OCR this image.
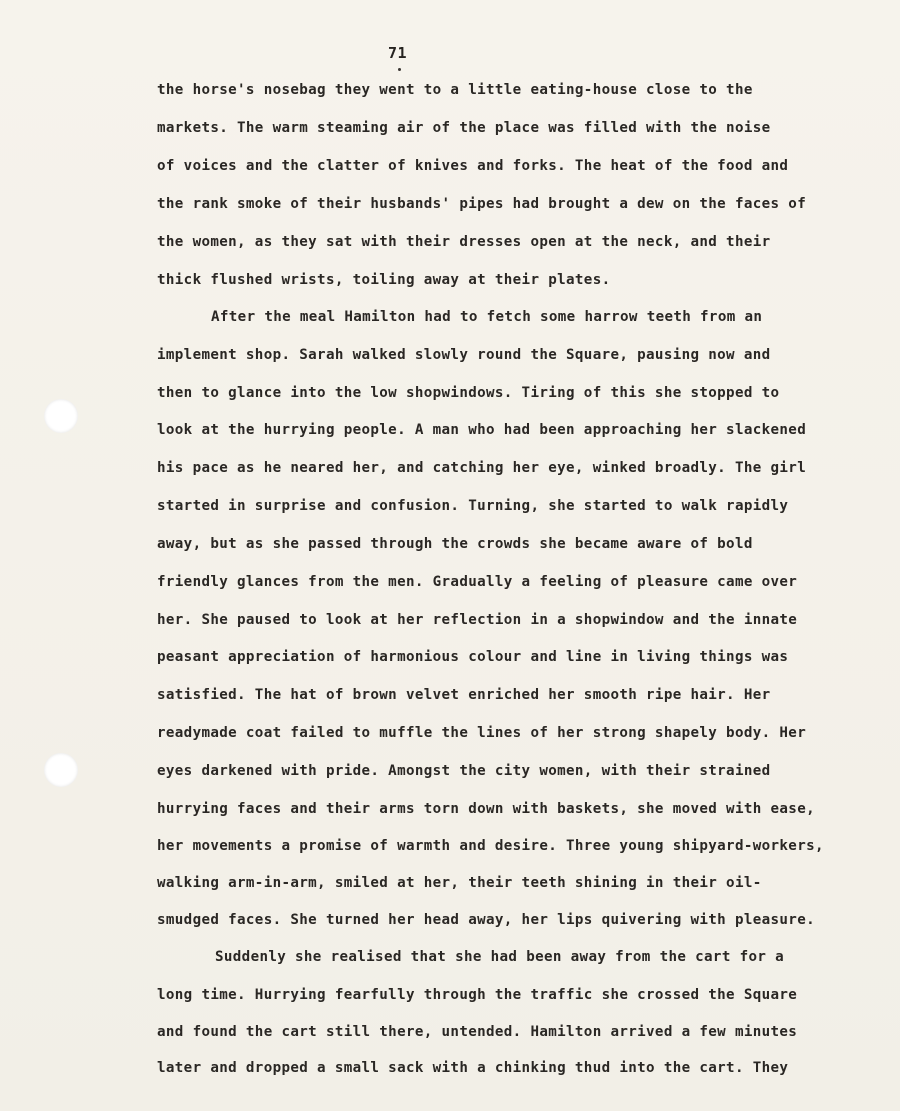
71
the horse's nosebag they went to a little eating-house close to the
markets. The warm steaming air of the place was filled with the noise
of voices and the clatter of knives and forks. The heat of the food and
the rank smoke of their husbands' pipes had brought a dew on the faces of
the women, as they sat with their dresses open at the neck, and their
thick flushed wrists, toiling away at their plates.
After the meal Hamilton had to fetch some harrow teeth from an
implement shop. Sarah walked slowly round the Square, pausing now and
then to glance into the low shopwindows. Tiring of this she stopped to
look at the hurrying people. A man who had been approaching her slackened
his pace as he neared her, and catching her eye, winked broadly. The girl
started in surprise and confusion. Turning, she started to walk rapidly
away, but as she passed through the crowds she became aware of bold
friendly glances from the men. Gradually a feeling of pleasure came over
her. She paused to look at her reflection in a shopwindow and the innate
peasant appreciation of harmonious colour and line in living things was
satisfied. The hat of brown velvet enriched her smooth ripe hair. Her
readymade coat failed to muffle the lines of her strong shapely body. Her
eyes darkened with pride. Amongst the city women, with their strained
hurrying faces and their arms torn down with baskets, she moved with ease,
her movements a promise of warmth and desire. Three young shipyard-workers,
walking arm-in-arm, smiled at her, their teeth shining in their oil-
smudged faces. She turned her head away, her lips quivering with pleasure.
Suddenly she realised that she had been away from the cart for a
long time. Hurrying fearfully through the traffic she crossed the Square
and found the cart still there, untended. Hamilton arrived a few minutes
later and dropped a small sack with a chinking thud into the cart. They
